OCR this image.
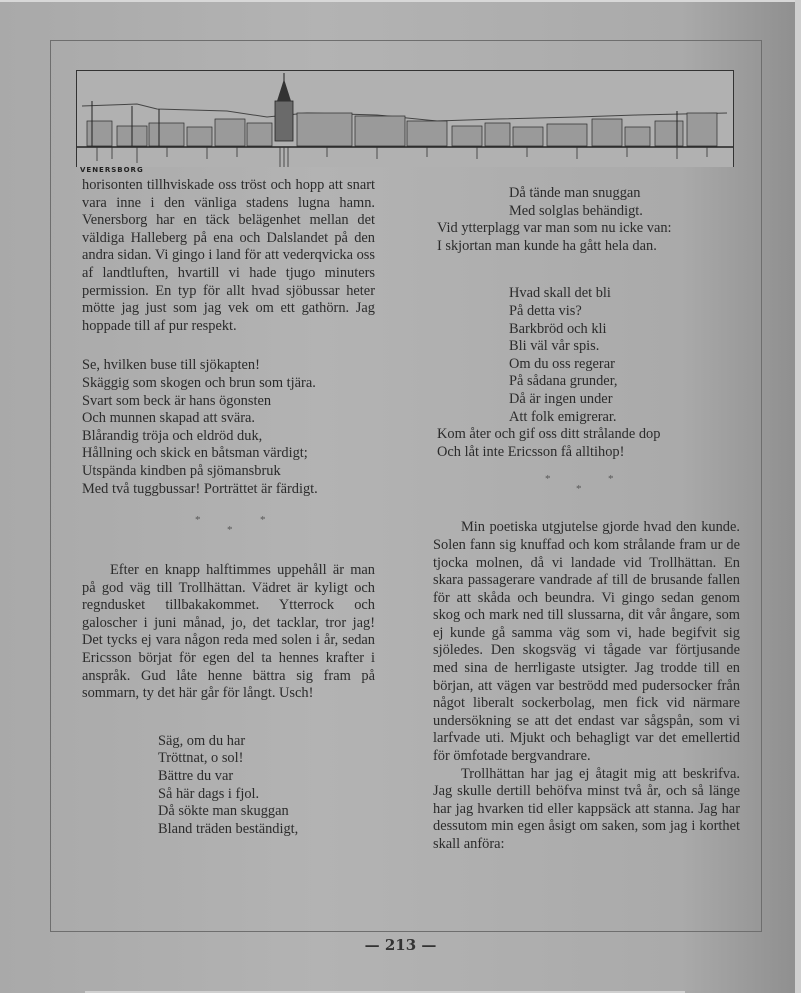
VENERSBORG

horisonten tillhviskade oss tröst och hopp att snart vara inne i den vänliga stadens lugna hamn. Venersborg har en täck belägenhet mellan det väldiga Halleberg på ena och Dalslandet på den andra sidan. Vi gingo i land för att vederqvicka oss af landtluften, hvartill vi hade tjugo minuters permission. En typ för allt hvad sjöbussar heter mötte jag just som jag vek om ett gathörn. Jag hoppade till af pur respekt.

Se, hvilken buse till sjökapten!
Skäggig som skogen och brun som tjära.
Svart som beck är hans ögonsten
Och munnen skapad att svära.
Blårandig tröja och eldröd duk,
Hållning och skick en båtsman värdigt;
Utspända kindben på sjömansbruk
Med två tuggbussar! Porträttet är färdigt.
*	*
*

Efter en knapp halftimmes uppehåll är man på god väg till Trollhättan. Vädret är kyligt och regndusket tillbakakommet. Ytterrock och galoscher i juni månad, jo, det tacklar, tror jag! Det tycks ej vara någon reda med solen i år, sedan Ericsson börjat för egen del ta hennes krafter i anspråk. Gud låte henne bättra sig fram på sommarn, ty det här går för långt. Usch!

Säg, om du har
Tröttnat, o sol!
Bättre du var
Så här dags i fjol.
Då sökte man skuggan
Bland träden beständigt,
Då tände man snuggan
Med solglas behändigt.
Vid ytterplagg var man som nu icke van:
I skjortan man kunde ha gått hela dan.
Hvad skall det bli
På detta vis?
Barkbröd och kli
Bli väl vår spis.
Om du oss regerar
På sådana grunder,
Då är ingen under
Att folk emigrerar.
Kom åter och gif oss ditt strålande dop
Och låt inte Ericsson få alltihop!
*	*
*

Min poetiska utgjutelse gjorde hvad den kunde. Solen fann sig knuffad och kom strålande fram ur de tjocka molnen, då vi landade vid Trollhättan. En skara passagerare vandrade af till de brusande fallen för att skåda och beundra. Vi gingo sedan genom skog och mark ned till slussarna, dit vår ångare, som ej kunde gå samma väg som vi, hade begifvit sig sjöledes. Den skogsväg vi tågade var förtjusande med sina de herrligaste utsigter. Jag trodde till en början, att vägen var beströdd med pudersocker från något liberalt sockerbolag, men fick vid närmare undersökning se att det endast var sågspån, som vi larfvade uti. Mjukt och behagligt var det emellertid för ömfotade bergvandrare.

Trollhättan har jag ej åtagit mig att beskrifva. Jag skulle dertill behöfva minst två år, och så länge har jag hvarken tid eller kappsäck att stanna. Jag har dessutom min egen åsigt om saken, som jag i korthet skall anföra:

— 213 —
